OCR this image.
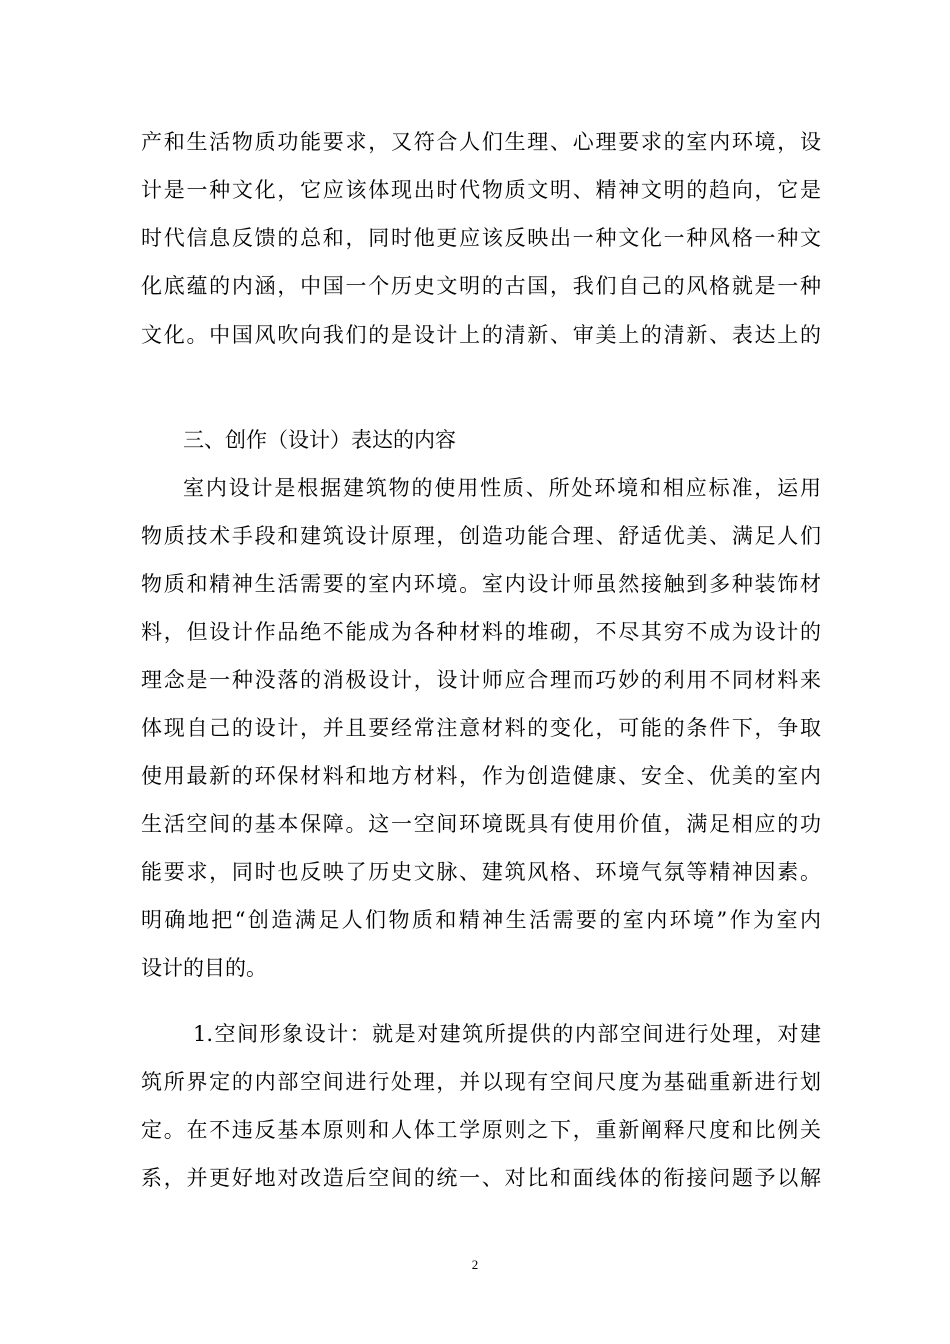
产和生活物质功能要求，又符合人们生理、心理要求的室内环境，设
计是一种文化，它应该体现出时代物质文明、精神文明的趋向，它是
时代信息反馈的总和，同时他更应该反映出一种文化一种风格一种文
化底蕴的内涵，中国一个历史文明的古国，我们自己的风格就是一种
文化。中国风吹向我们的是设计上的清新、审美上的清新、表达上的
三、创作（设计）表达的内容
室内设计是根据建筑物的使用性质、所处环境和相应标准，运用
物质技术手段和建筑设计原理，创造功能合理、舒适优美、满足人们
物质和精神生活需要的室内环境。室内设计师虽然接触到多种装饰材
料，但设计作品绝不能成为各种材料的堆砌，不尽其穷不成为设计的
理念是一种没落的消极设计，设计师应合理而巧妙的利用不同材料来
体现自己的设计，并且要经常注意材料的变化，可能的条件下，争取
使用最新的环保材料和地方材料，作为创造健康、安全、优美的室内
生活空间的基本保障。这一空间环境既具有使用价值，满足相应的功
能要求，同时也反映了历史文脉、建筑风格、环境气氛等精神因素。
明确地把“创造满足人们物质和精神生活需要的室内环境”作为室内
设计的目的。
1.空间形象设计：就是对建筑所提供的内部空间进行处理，对建
筑所界定的内部空间进行处理，并以现有空间尺度为基础重新进行划
定。在不违反基本原则和人体工学原则之下，重新阐释尺度和比例关
系，并更好地对改造后空间的统一、对比和面线体的衔接问题予以解
2
